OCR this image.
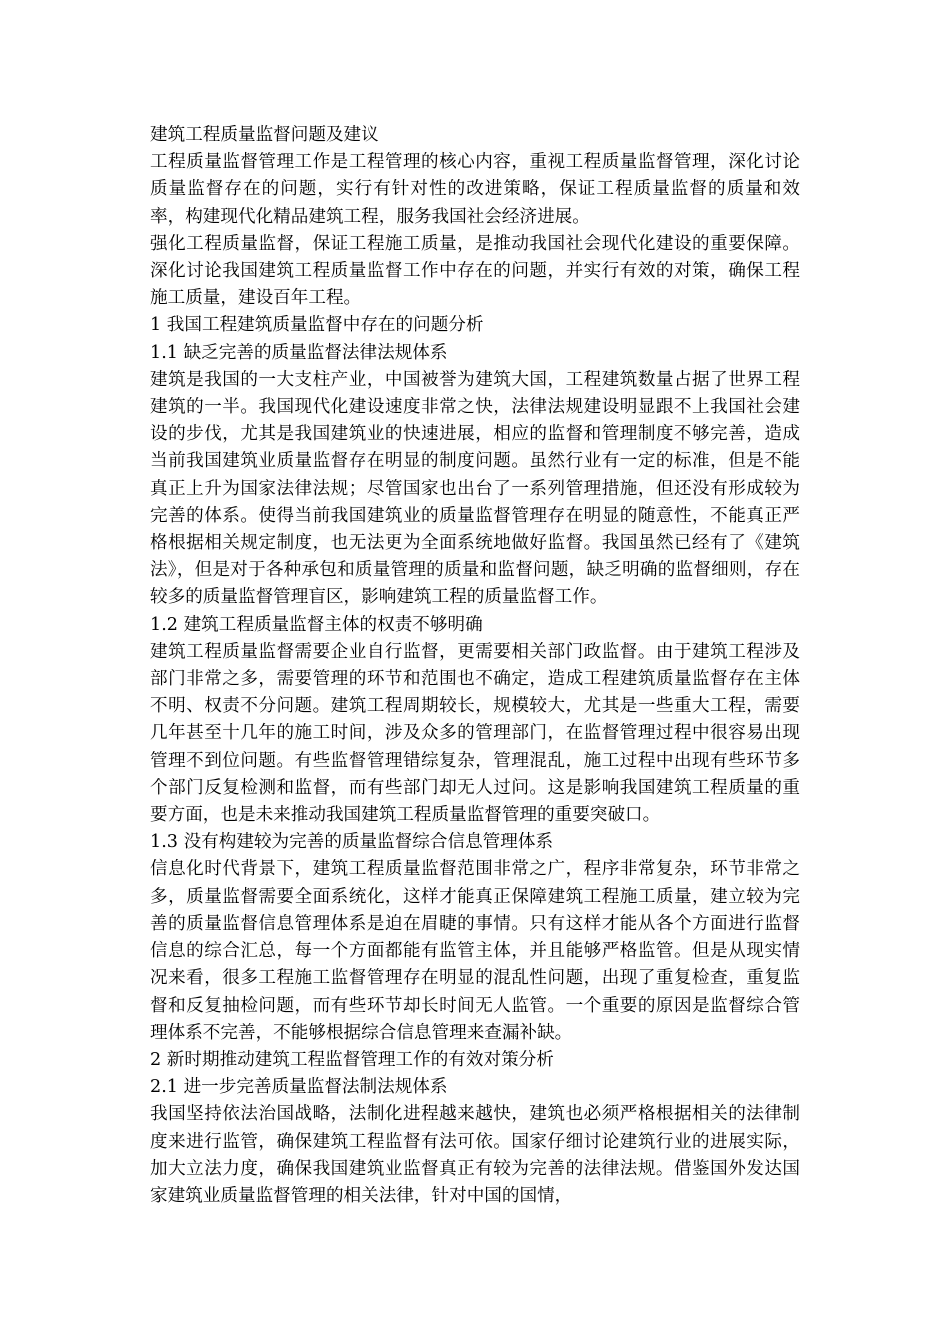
建筑工程质量监督问题及建议

工程质量监督管理工作是工程管理的核心内容，重视工程质量监督管理，深化讨论质量监督存在的问题，实行有针对性的改进策略，保证工程质量监督的质量和效率，构建现代化精品建筑工程，服务我国社会经济进展。

强化工程质量监督，保证工程施工质量，是推动我国社会现代化建设的重要保障。深化讨论我国建筑工程质量监督工作中存在的问题，并实行有效的对策，确保工程施工质量，建设百年工程。

1 我国工程建筑质量监督中存在的问题分析

1.1 缺乏完善的质量监督法律法规体系

建筑是我国的一大支柱产业，中国被誉为建筑大国，工程建筑数量占据了世界工程建筑的一半。我国现代化建设速度非常之快，法律法规建设明显跟不上我国社会建设的步伐，尤其是我国建筑业的快速进展，相应的监督和管理制度不够完善，造成当前我国建筑业质量监督存在明显的制度问题。虽然行业有一定的标准，但是不能真正上升为国家法律法规；尽管国家也出台了一系列管理措施，但还没有形成较为完善的体系。使得当前我国建筑业的质量监督管理存在明显的随意性，不能真正严格根据相关规定制度，也无法更为全面系统地做好监督。我国虽然已经有了《建筑法》，但是对于各种承包和质量管理的质量和监督问题，缺乏明确的监督细则，存在较多的质量监督管理盲区，影响建筑工程的质量监督工作。

1.2 建筑工程质量监督主体的权责不够明确

建筑工程质量监督需要企业自行监督，更需要相关部门政监督。由于建筑工程涉及部门非常之多，需要管理的环节和范围也不确定，造成工程建筑质量监督存在主体不明、权责不分问题。建筑工程周期较长，规模较大，尤其是一些重大工程，需要几年甚至十几年的施工时间，涉及众多的管理部门，在监督管理过程中很容易出现管理不到位问题。有些监督管理错综复杂，管理混乱，施工过程中出现有些环节多个部门反复检测和监督，而有些部门却无人过问。这是影响我国建筑工程质量的重要方面，也是未来推动我国建筑工程质量监督管理的重要突破口。

1.3 没有构建较为完善的质量监督综合信息管理体系

信息化时代背景下，建筑工程质量监督范围非常之广，程序非常复杂，环节非常之多，质量监督需要全面系统化，这样才能真正保障建筑工程施工质量，建立较为完善的质量监督信息管理体系是迫在眉睫的事情。只有这样才能从各个方面进行监督信息的综合汇总，每一个方面都能有监管主体，并且能够严格监管。但是从现实情况来看，很多工程施工监督管理存在明显的混乱性问题，出现了重复检查，重复监督和反复抽检问题，而有些环节却长时间无人监管。一个重要的原因是监督综合管理体系不完善，不能够根据综合信息管理来查漏补缺。

2 新时期推动建筑工程监督管理工作的有效对策分析

2.1 进一步完善质量监督法制法规体系

我国坚持依法治国战略，法制化进程越来越快，建筑也必须严格根据相关的法律制度来进行监管，确保建筑工程监督有法可依。国家仔细讨论建筑行业的进展实际，加大立法力度，确保我国建筑业监督真正有较为完善的法律法规。借鉴国外发达国家建筑业质量监督管理的相关法律，针对中国的国情，
